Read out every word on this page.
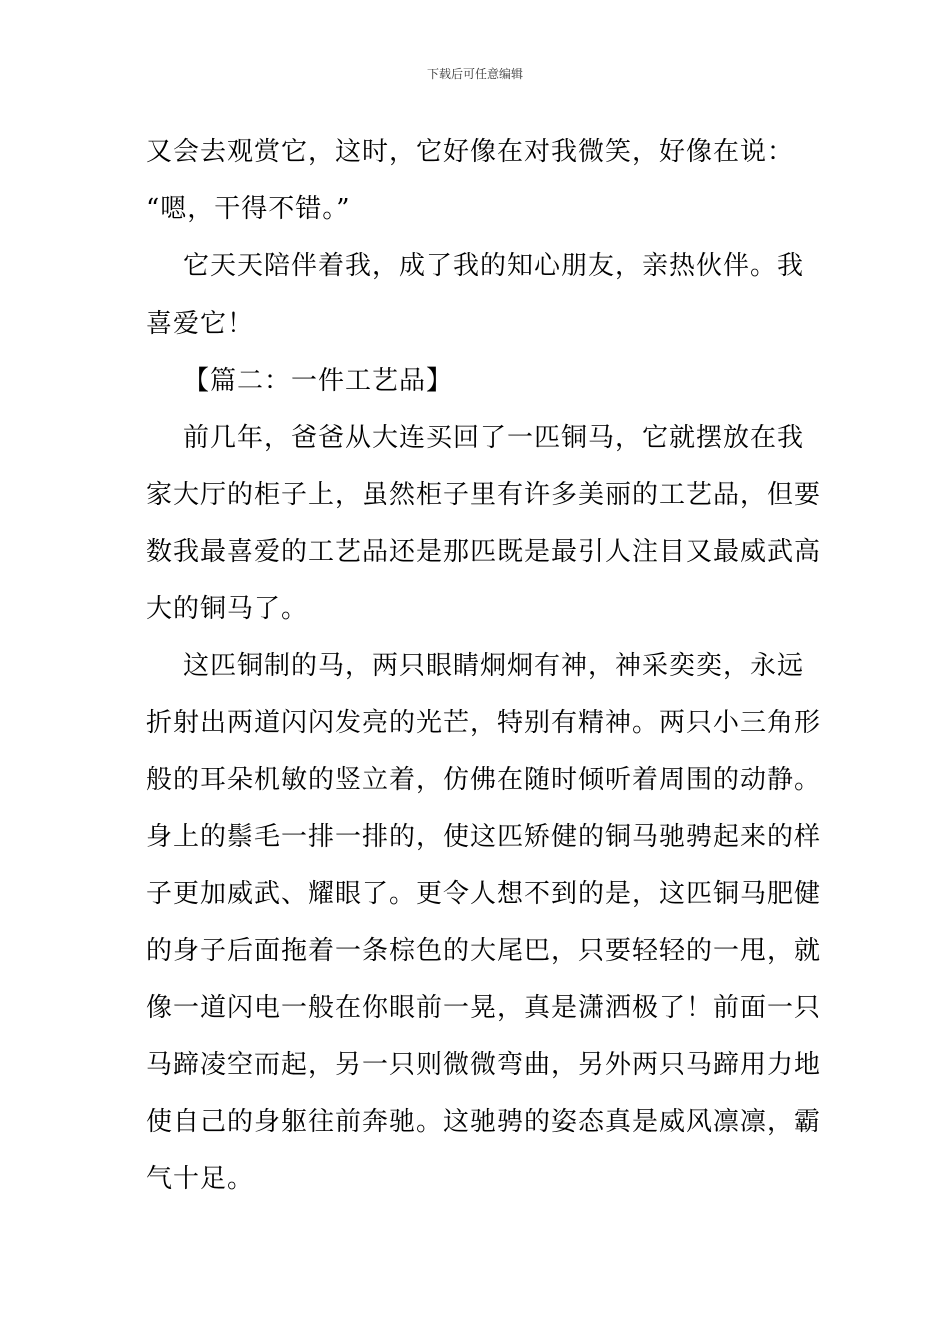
下载后可任意编辑
又会去观赏它，这时，它好像在对我微笑，好像在说：
“嗯，干得不错。”
它天天陪伴着我，成了我的知心朋友，亲热伙伴。我
喜爱它！
【篇二：一件工艺品】
前几年，爸爸从大连买回了一匹铜马，它就摆放在我
家大厅的柜子上，虽然柜子里有许多美丽的工艺品，但要
数我最喜爱的工艺品还是那匹既是最引人注目又最威武高
大的铜马了。
这匹铜制的马，两只眼睛炯炯有神，神采奕奕，永远
折射出两道闪闪发亮的光芒，特别有精神。两只小三角形
般的耳朵机敏的竖立着，仿佛在随时倾听着周围的动静。
身上的鬃毛一排一排的，使这匹矫健的铜马驰骋起来的样
子更加威武、耀眼了。更令人想不到的是，这匹铜马肥健
的身子后面拖着一条棕色的大尾巴，只要轻轻的一甩，就
像一道闪电一般在你眼前一晃，真是潇洒极了！前面一只
马蹄凌空而起，另一只则微微弯曲，另外两只马蹄用力地
使自己的身躯往前奔驰。这驰骋的姿态真是威风凛凛，霸
气十足。
